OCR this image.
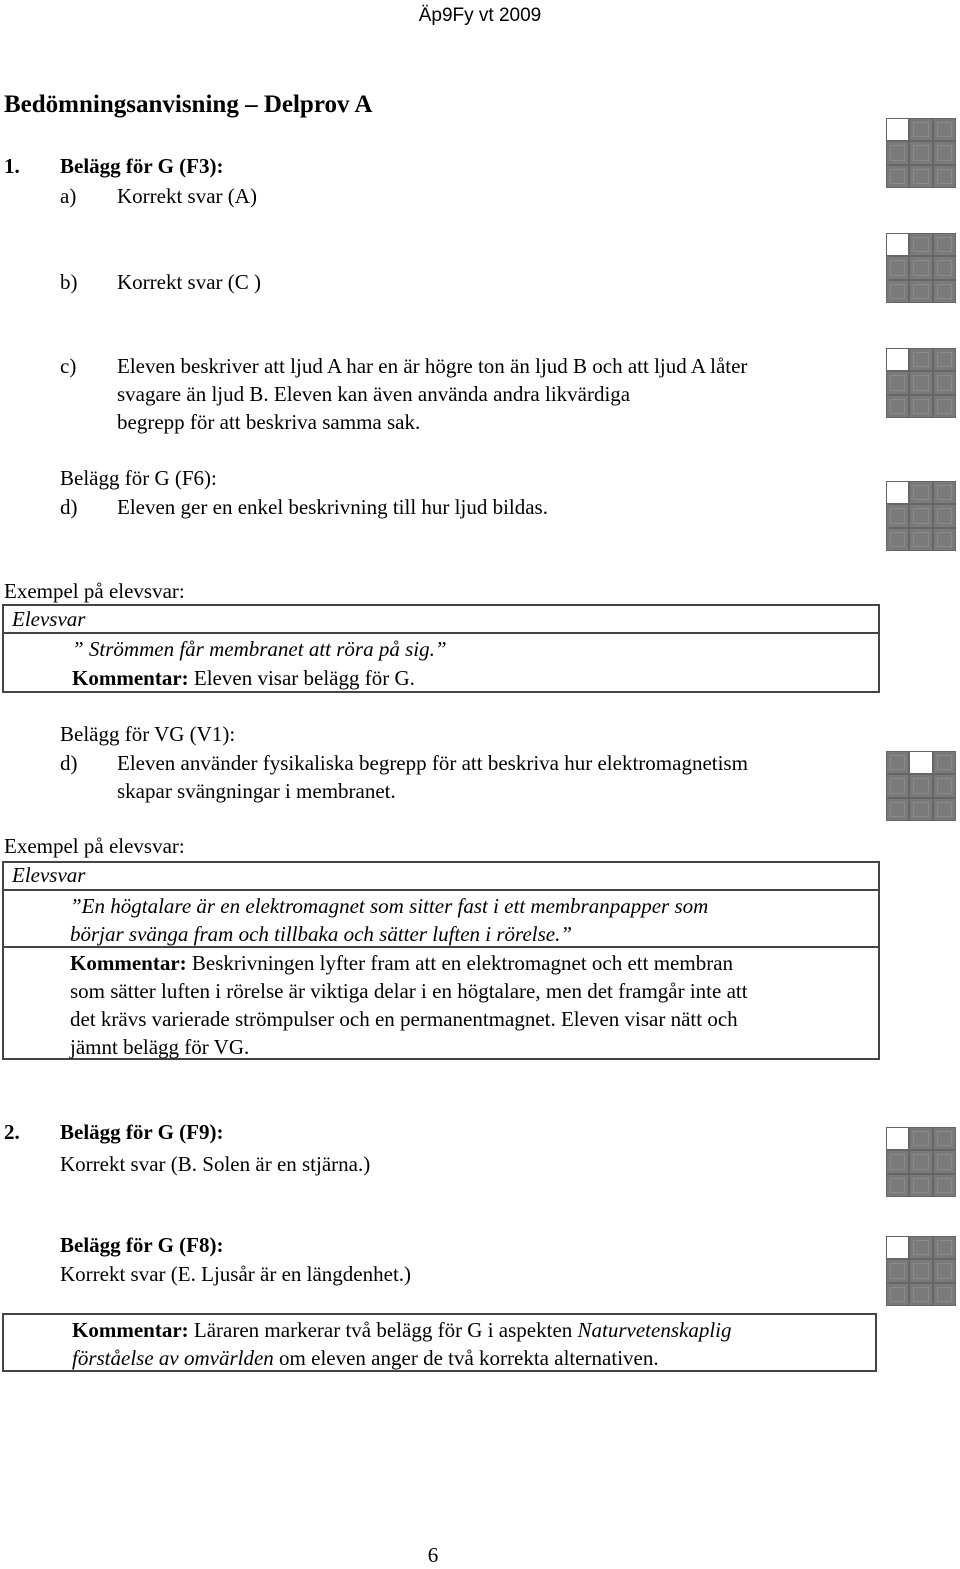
Äp9Fy vt 2009
Bedömningsanvisning – Delprov A
1. Belägg för G (F3):
a) Korrekt svar (A)
b) Korrekt svar (C )
c) Eleven beskriver att ljud A har en är högre ton än ljud B och att ljud A låter
svagare än ljud B. Eleven kan även använda andra likvärdiga
begrepp för att beskriva samma sak.
Belägg för G (F6):
d) Eleven ger en enkel beskrivning till hur ljud bildas.
Exempel på elevsvar:
Elevsvar
” Strömmen får membranet att röra på sig.”
Kommentar: Eleven visar belägg för G.
Belägg för VG (V1):
d) Eleven använder fysikaliska begrepp för att beskriva hur elektromagnetism
skapar svängningar i membranet.
Exempel på elevsvar:
Elevsvar
”En högtalare är en elektromagnet som sitter fast i ett membranpapper som
börjar svänga fram och tillbaka och sätter luften i rörelse.”
Kommentar: Beskrivningen lyfter fram att en elektromagnet och ett membran
som sätter luften i rörelse är viktiga delar i en högtalare, men det framgår inte att
det krävs varierade strömpulser och en permanentmagnet. Eleven visar nätt och
jämnt belägg för VG.
2. Belägg för G (F9):
Korrekt svar (B. Solen är en stjärna.)
Belägg för G (F8):
Korrekt svar (E. Ljusår är en längdenhet.)
Kommentar: Läraren markerar två belägg för G i aspekten Naturvetenskaplig
förståelse av omvärlden om eleven anger de två korrekta alternativen.
6
